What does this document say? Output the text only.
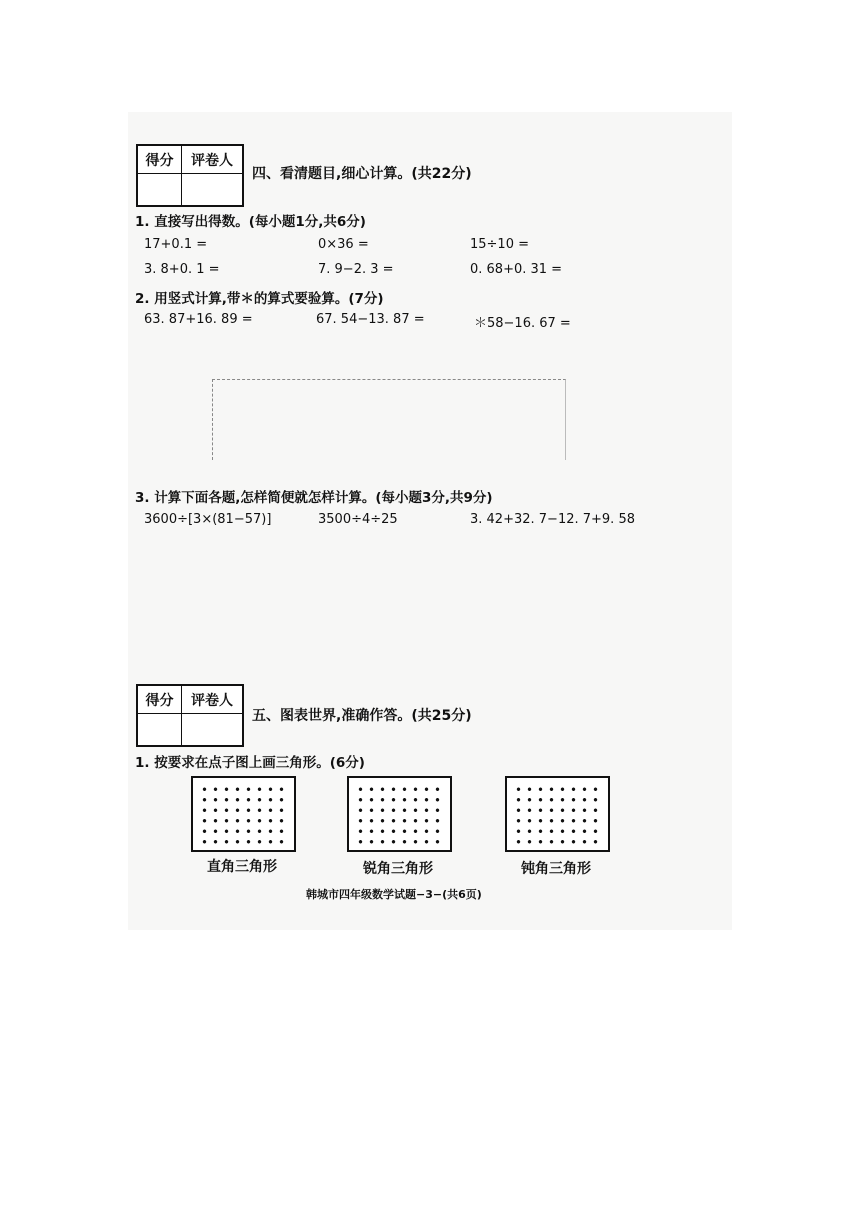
得分	评卷人
四、看清题目,细心计算。(共22分)
1. 直接写出得数。(每小题1分,共6分)
17+0.1 =	0×36 =	15÷10 =
3. 8+0. 1 =	7. 9−2. 3 =	0. 68+0. 31 =
2. 用竖式计算,带＊的算式要验算。(7分)
63. 87+16. 89 =	67. 54−13. 87 =	＊58−16. 67 =
3. 计算下面各题,怎样简便就怎样计算。(每小题3分,共9分)
3600÷[3×(81−57)]	3500÷4÷25	3. 42+32. 7−12. 7+9. 58
得分	评卷人
五、图表世界,准确作答。(共25分)
1. 按要求在点子图上画三角形。(6分)
直角三角形	锐角三角形	钝角三角形
韩城市四年级数学试题−3−(共6页)
